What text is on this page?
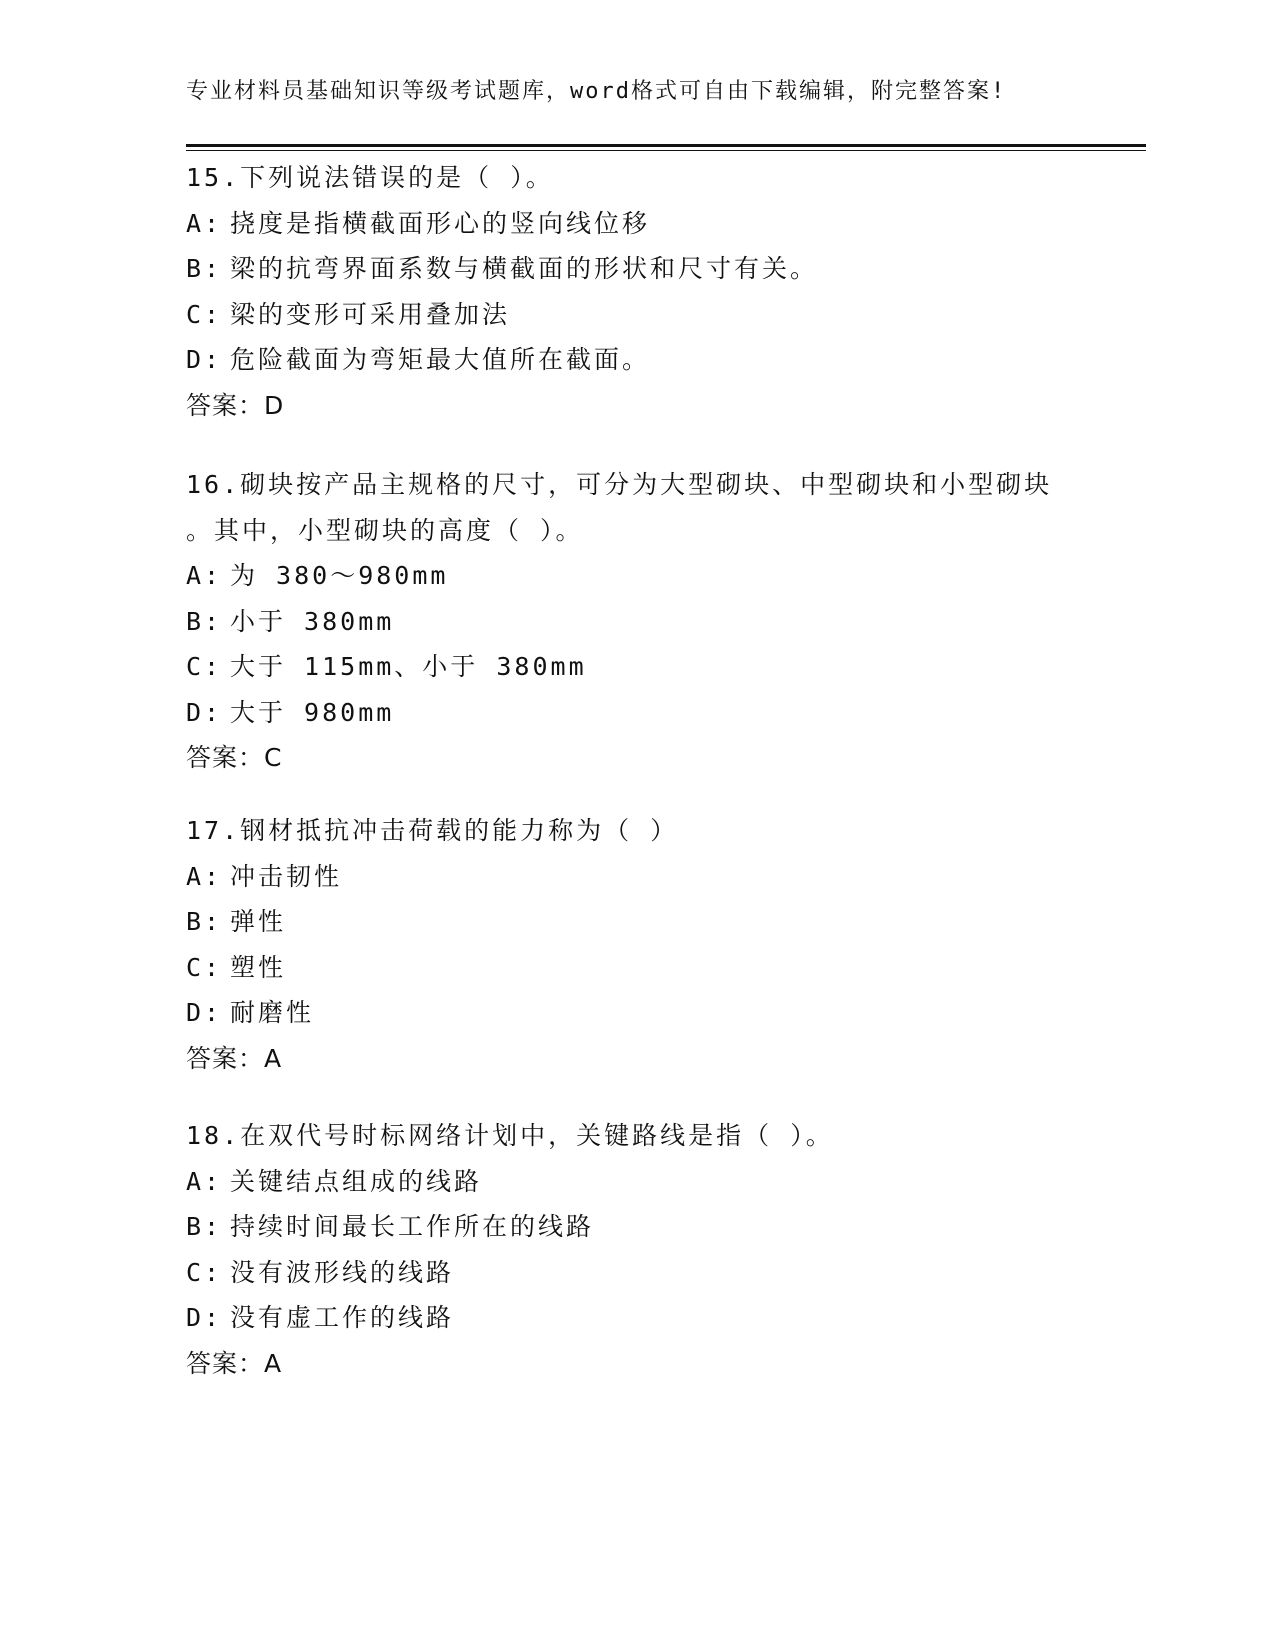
专业材料员基础知识等级考试题库，word格式可自由下载编辑，附完整答案!
15.下列说法错误的是（ ）。
A: 挠度是指横截面形心的竖向线位移
B: 梁的抗弯界面系数与横截面的形状和尺寸有关。
C: 梁的变形可采用叠加法
D: 危险截面为弯矩最大值所在截面。
答案：D
16.砌块按产品主规格的尺寸，可分为大型砌块、中型砌块和小型砌块
。其中，小型砌块的高度（ ）。
A: 为 380～980mm
B: 小于 380mm
C: 大于 115mm、小于 380mm
D: 大于 980mm
答案：C
17.钢材抵抗冲击荷载的能力称为（ ）
A: 冲击韧性
B: 弹性
C: 塑性
D: 耐磨性
答案：A
18.在双代号时标网络计划中，关键路线是指（ ）。
A: 关键结点组成的线路
B: 持续时间最长工作所在的线路
C: 没有波形线的线路
D: 没有虚工作的线路
答案：A
